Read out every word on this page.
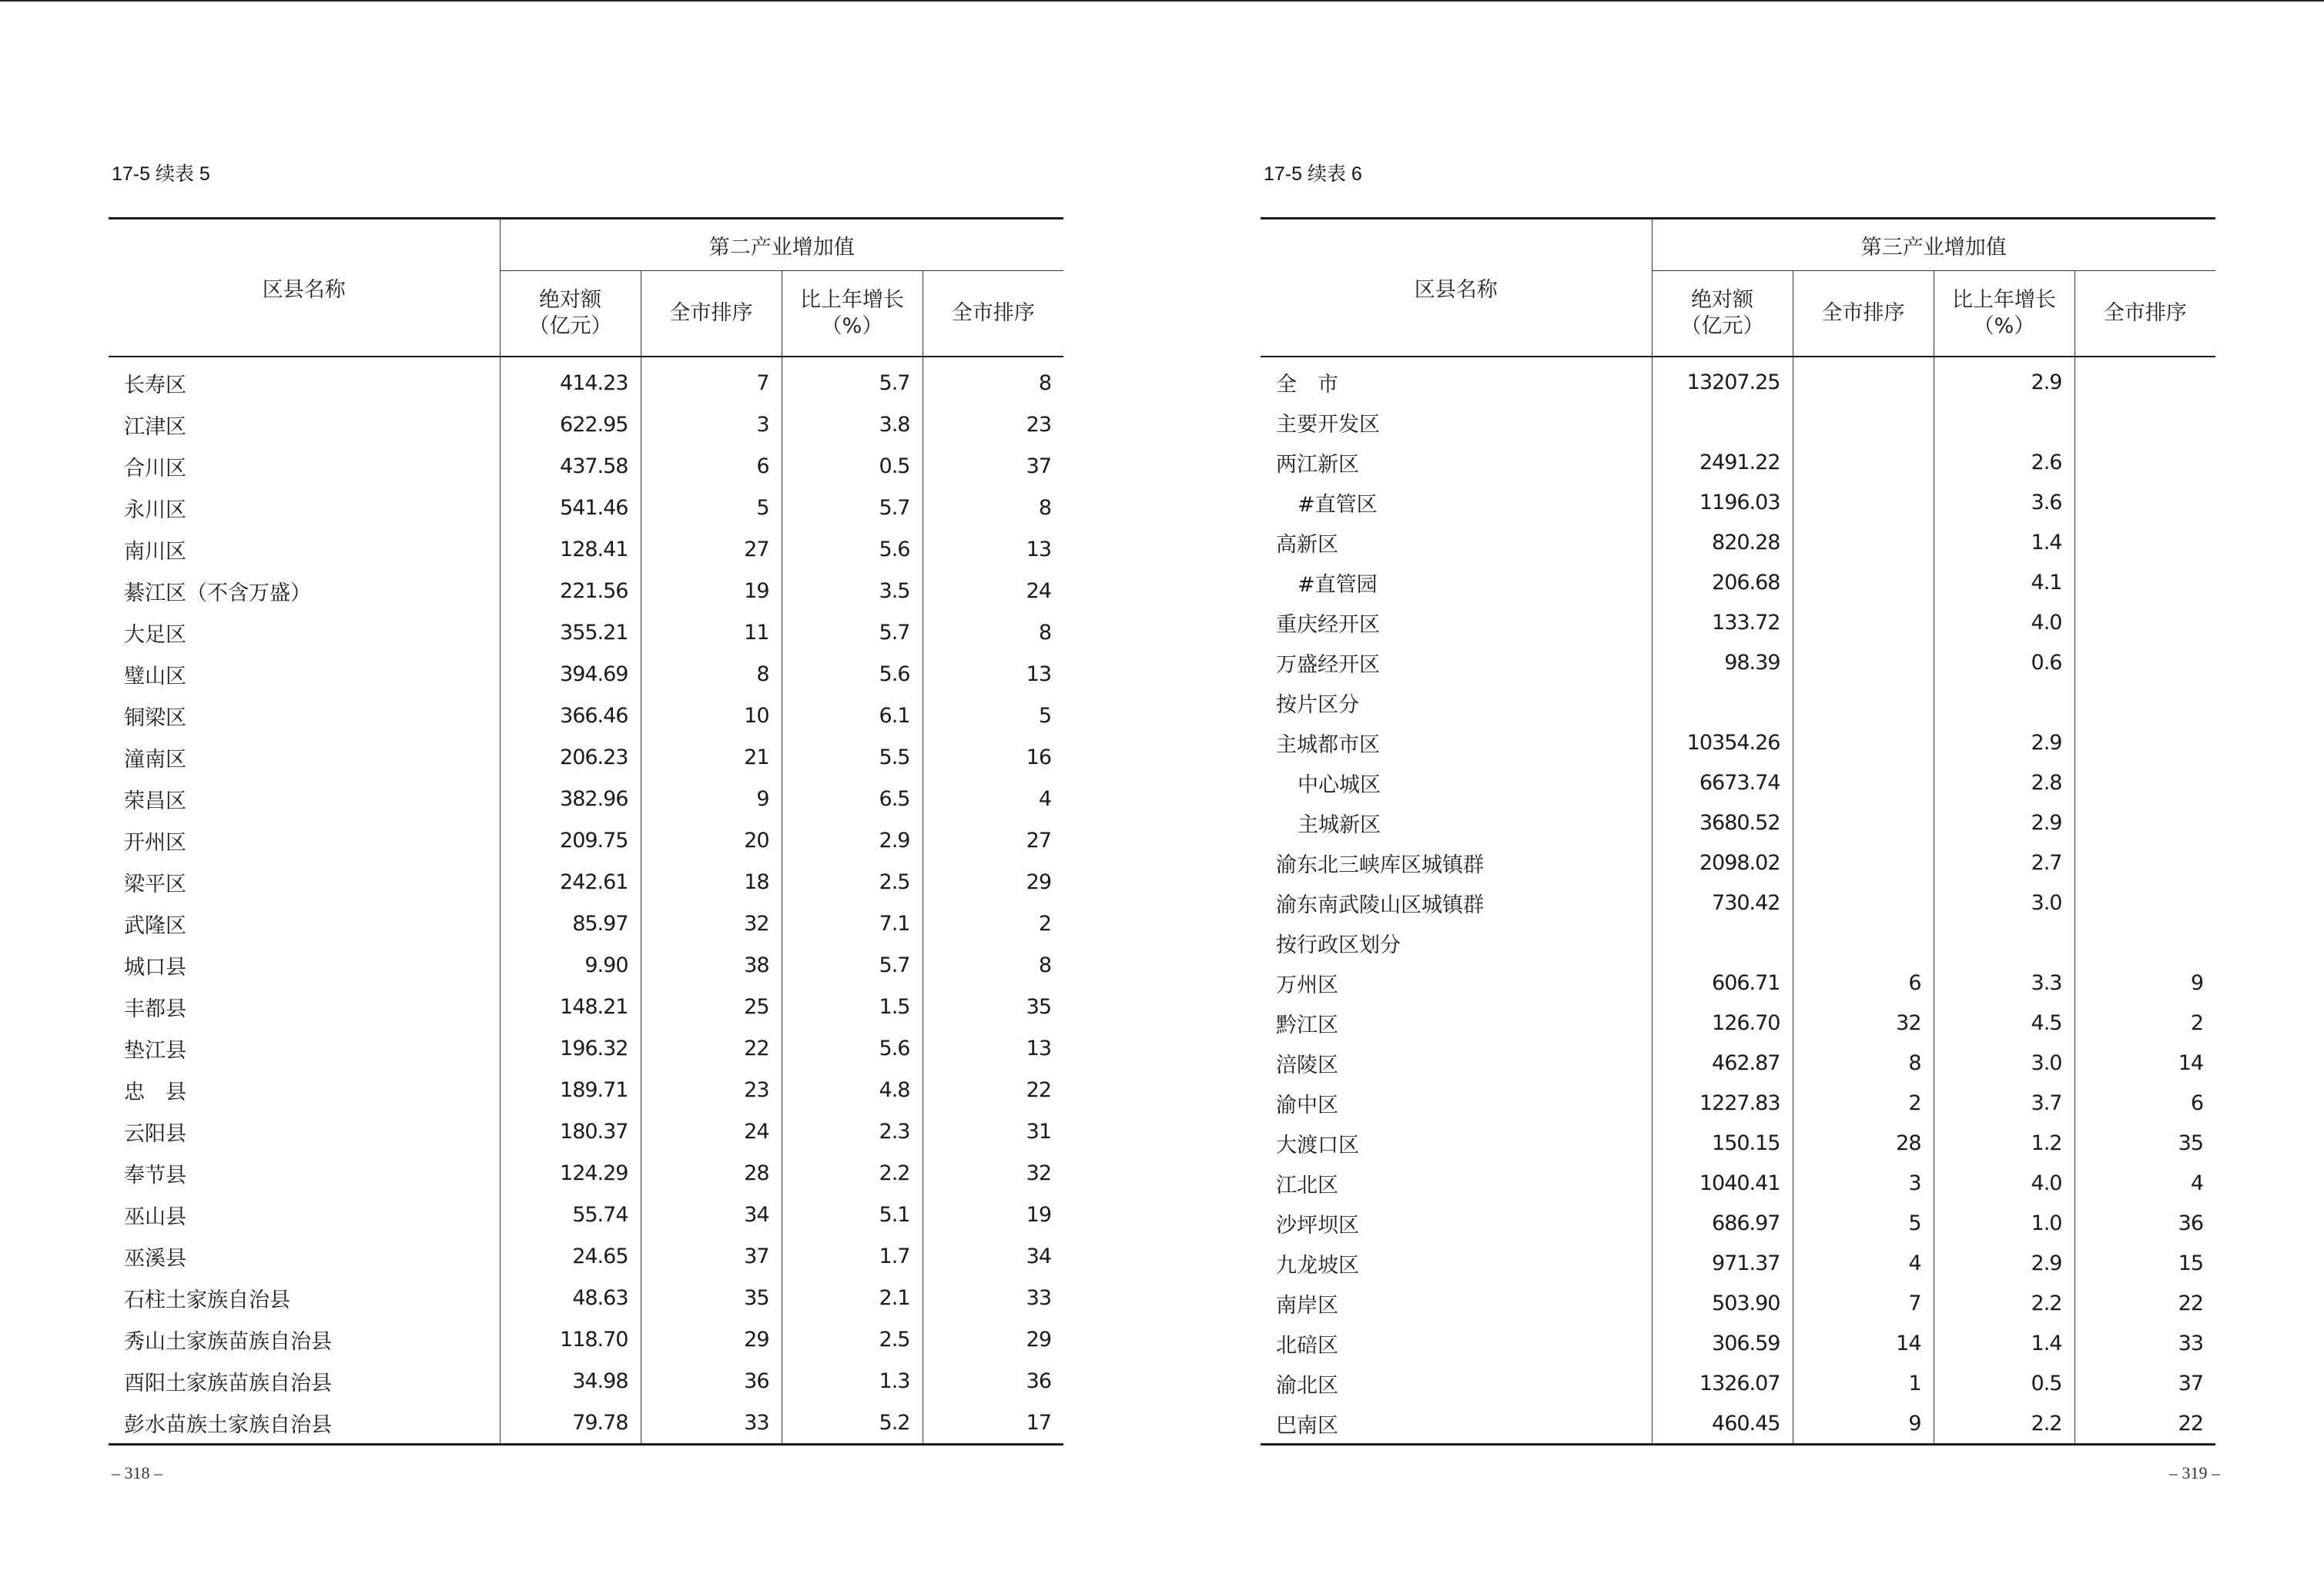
17-5 续表 5
区县名称	第二产业增加值			
	绝对额
（亿元）	全市排序	比上年增长
（%）	全市排序
长寿区	414.23	7	5.7	8
江津区	622.95	3	3.8	23
合川区	437.58	6	0.5	37
永川区	541.46	5	5.7	8
南川区	128.41	27	5.6	13
綦江区（不含万盛）	221.56	19	3.5	24
大足区	355.21	11	5.7	8
璧山区	394.69	8	5.6	13
铜梁区	366.46	10	6.1	5
潼南区	206.23	21	5.5	16
荣昌区	382.96	9	6.5	4
开州区	209.75	20	2.9	27
梁平区	242.61	18	2.5	29
武隆区	85.97	32	7.1	2
城口县	9.90	38	5.7	8
丰都县	148.21	25	1.5	35
垫江县	196.32	22	5.6	13
忠　县	189.71	23	4.8	22
云阳县	180.37	24	2.3	31
奉节县	124.29	28	2.2	32
巫山县	55.74	34	5.1	19
巫溪县	24.65	37	1.7	34
石柱土家族自治县	48.63	35	2.1	33
秀山土家族苗族自治县	118.70	29	2.5	29
酉阳土家族苗族自治县	34.98	36	1.3	36
彭水苗族土家族自治县	79.78	33	5.2	17
– 318 –
17-5 续表 6
区县名称	第三产业增加值			
	绝对额
（亿元）	全市排序	比上年增长
（%）	全市排序
全　市	13207.25		2.9	
主要开发区				
两江新区	2491.22		2.6	
#直管区	1196.03		3.6	
高新区	820.28		1.4	
#直管园	206.68		4.1	
重庆经开区	133.72		4.0	
万盛经开区	98.39		0.6	
按片区分				
主城都市区	10354.26		2.9	
中心城区	6673.74		2.8	
主城新区	3680.52		2.9	
渝东北三峡库区城镇群	2098.02		2.7	
渝东南武陵山区城镇群	730.42		3.0	
按行政区划分				
万州区	606.71	6	3.3	9
黔江区	126.70	32	4.5	2
涪陵区	462.87	8	3.0	14
渝中区	1227.83	2	3.7	6
大渡口区	150.15	28	1.2	35
江北区	1040.41	3	4.0	4
沙坪坝区	686.97	5	1.0	36
九龙坡区	971.37	4	2.9	15
南岸区	503.90	7	2.2	22
北碚区	306.59	14	1.4	33
渝北区	1326.07	1	0.5	37
巴南区	460.45	9	2.2	22
– 319 –
